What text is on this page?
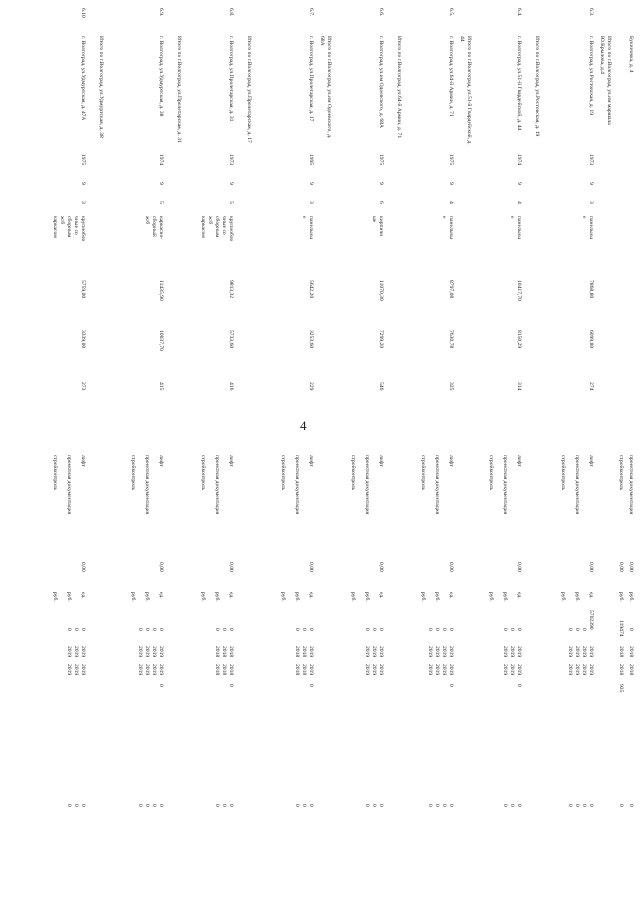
4
Букиновка, д. 4
проектная документация
стройконтроль
0,00
0,00
руб.
руб.
0
119474
2018
2018
2018
2018
935
0
0
6.3.
Итого по г.Волгоград, ул.им маршала Ю.Крылова, д.4
г. Волгоград, ул.Ростовская, д. 19
1973
9
3
панельны
е
7868,80
6099,80
274
лифт
проектная документация
стройконтроль
0,00
ед.
руб.
руб.
5702390
0
0
0
2019
2019
2019
2019
2019
2019
2019
2019
0
0
0
0
6.4.
Итого по г.Волгоград, ул.Ростовская, д. 19
г. Волгоград, ул.51-й Гвардейской, д. 44
1974
9
4
панельны
е
10417,70
8150,29
314
лифт
проектная документация
стройконтроль
0,00
ед.
руб.
руб.
0
0
0
2019
2019
2019
2019
2019
2019
0
0
0
0
6.5.
Итого по г.Волгоград, ул.51-й Гвардейской, д. 44
г. Волгоград, ул.64-й Армии, д. 71
1975
9
4
панельны
е
8797,08
7630,78
335
лифт
проектная документация
стройконтроль
0,00
ед.
руб.
руб.
0
0
0
0
2019
2019
2019
2019
2019
2019
2019
2019
0
0
0
0
0
6.6.
Итого по г.Волгоград, ул.64-й Армии, д. 71
г. Волгоград, ул.им Одоевского, д. 68А
1975
9
6
кирпичн
ые
11070,30
7299,20
546
лифт
проектная документация
стройконтроль
0,00
ед.
руб.
руб.
0
0
0
2019
2019
2019
2019
2019
2019
0
0
0
6.7.
Итого по г.Волгоград, ул.им Одоевского, д. 68А
г. Волгоград, ул.Пролетарская, д. 17
1995
9
3
панельны
е
5642,20
3253,60
229
лифт
проектная документация
стройконтроль
0,00
ед.
руб.
руб.
0
0
0
2019
2018
2018
2019
2018
2018
0
0
0
0
6.8.
Итого по г.Волгоград, ул.Пролетарская, д. 17
г. Волгоград, ул.Пролетарская, д. 31
1973
9
5
крупнобло
чные со
сборным
ж/б
каркасом
9813,32
5733,60
416
лифт
проектная документация
стройконтроль
0,00
ед.
руб.
руб.
0
0
0
2018
2018
2018
2018
2018
2018
0
0
0
0
6.9.
Итого по г.Волгоград, ул.Пролетарская, д. 31
г. Волгоград, ул.Удмуртская, д. 38
1974
9
5
каркасно-
сборный
ж/б
11435,90
10037,70
415
лифт
проектная документация
стройконтроль
0,00
ед.
руб.
руб.
0
0
0
0
2019
2019
2019
2019
2019
2019
2019
2019
0
0
0
0
0
6.10
Итого по г.Волгоград, ул.Удмуртская, д. 38
г. Волгоград, ул.Удмуртская, д. 47А
1975
9
3
крупнобло
чные со
сборным
ж/б
каркасом
5759,00
3339,00
273
лифт
проектная документация
стройконтроль
0,00
ед.
руб.
руб.
0
0
0
2019
2019
2019
2019
2019
2019
0
0
0
